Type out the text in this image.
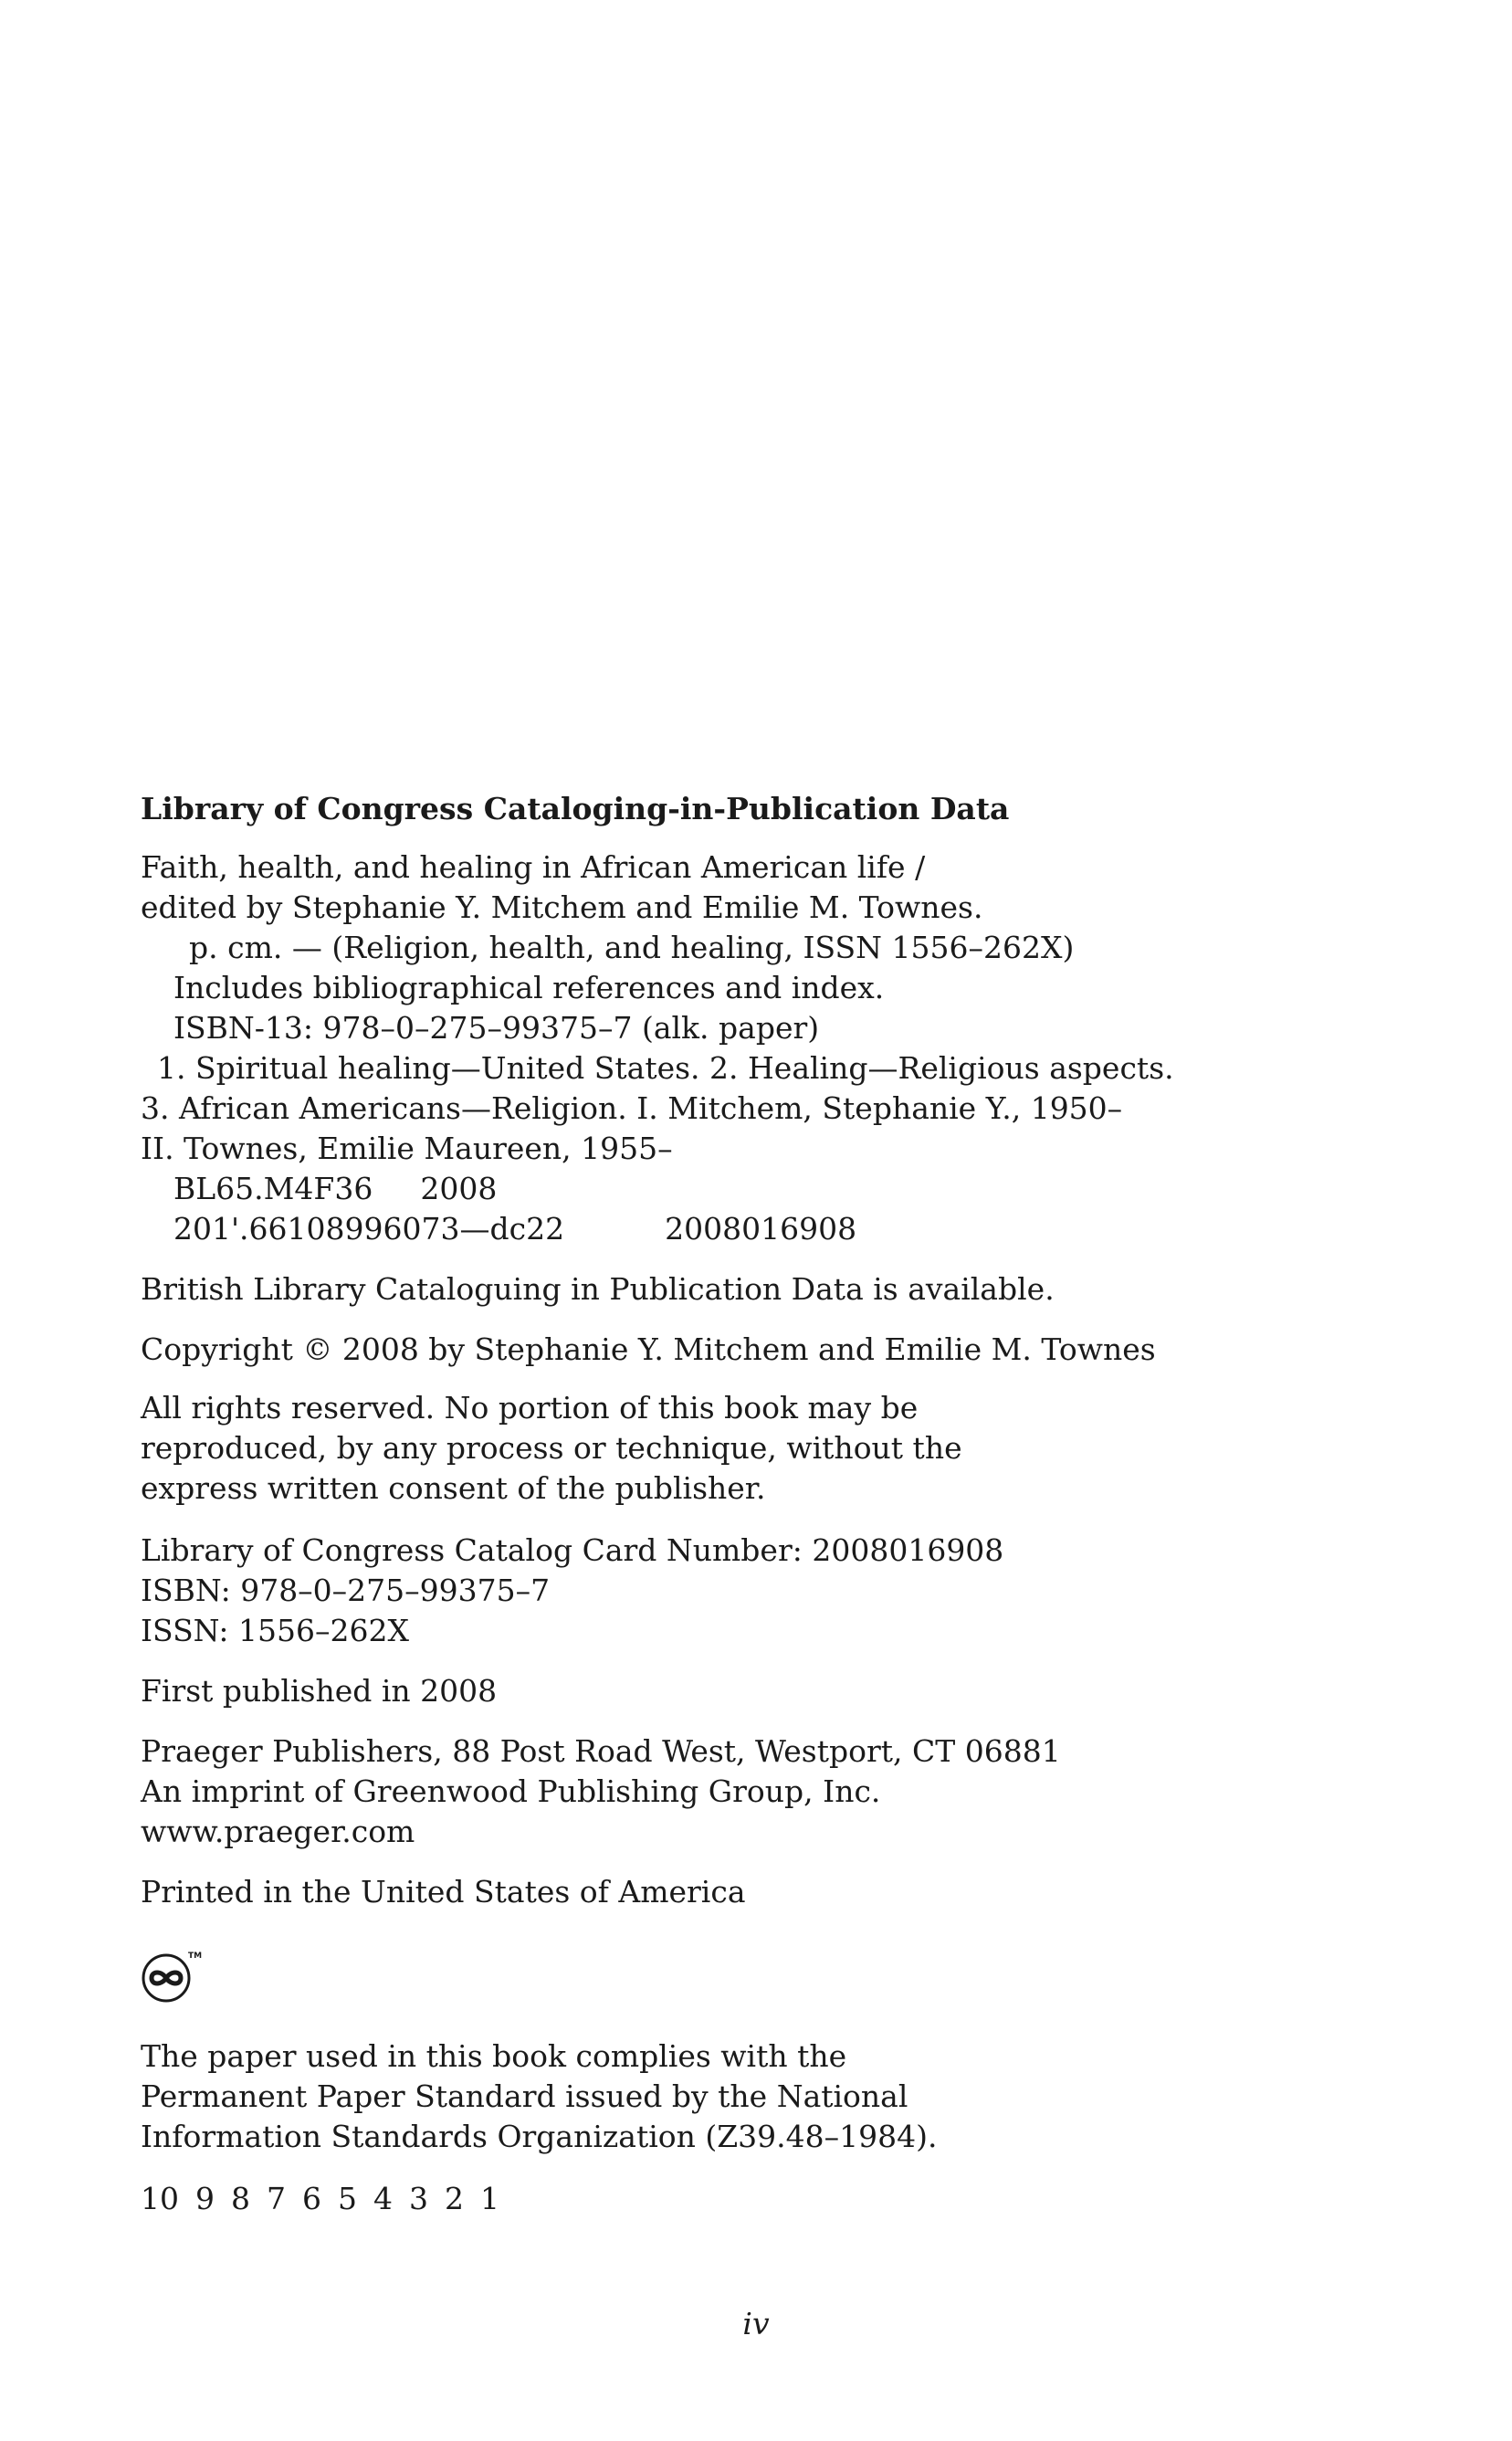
Library of Congress Cataloging-in-Publication Data
Faith, health, and healing in African American life /
edited by Stephanie Y. Mitchem and Emilie M. Townes.
p. cm. — (Religion, health, and healing, ISSN 1556–262X)
Includes bibliographical references and index.
ISBN-13: 978–0–275–99375–7 (alk. paper)
1. Spiritual healing—United States. 2. Healing—Religious aspects.
3. African Americans—Religion. I. Mitchem, Stephanie Y., 1950–
II. Townes, Emilie Maureen, 1955–
BL65.M4F36 2008
201'.66108996073—dc22	2008016908
British Library Cataloguing in Publication Data is available.
Copyright © 2008 by Stephanie Y. Mitchem and Emilie M. Townes
All rights reserved. No portion of this book may be
reproduced, by any process or technique, without the
express written consent of the publisher.
Library of Congress Catalog Card Number: 2008016908
ISBN: 978–0–275–99375–7
ISSN: 1556–262X
First published in 2008
Praeger Publishers, 88 Post Road West, Westport, CT 06881
An imprint of Greenwood Publishing Group, Inc.
www.praeger.com
Printed in the United States of America
TM
The paper used in this book complies with the
Permanent Paper Standard issued by the National
Information Standards Organization (Z39.48–1984).
10 9 8 7 6 5 4 3 2 1
iv
